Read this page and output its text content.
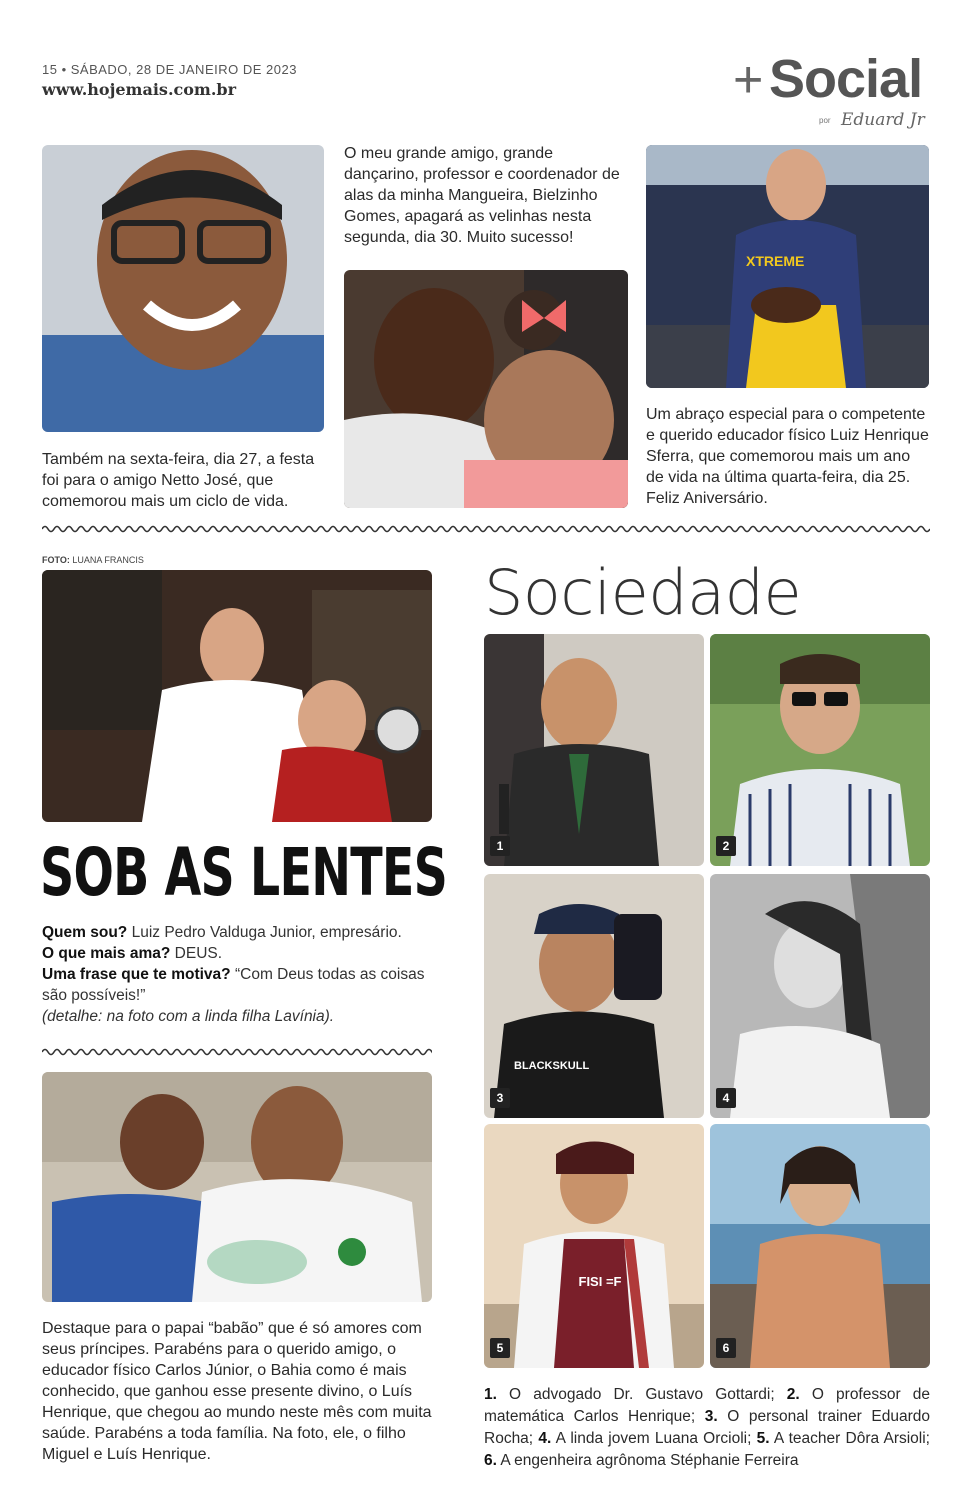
15 • SÁBADO, 28 DE JANEIRO DE 2023
www.hojemais.com.br	+ Social
por Eduard Jr
Também na sexta-feira, dia 27, a festa foi para o amigo Netto José, que comemorou mais um ciclo de vida.
O meu grande amigo, grande dançarino, professor e coordenador de alas da minha Mangueira, Bielzinho Gomes, apagará as velinhas nesta segunda, dia 30. Muito sucesso!
XTREME
Um abraço especial para o competente e querido educador físico Luiz Henrique Sferra, que comemorou mais um ano de vida na última quarta-feira, dia 25. Feliz Aniversário.
FOTO: LUANA FRANCIS
SOB AS LENTES
Quem sou? Luiz Pedro Valduga Junior, empresário.
O que mais ama? DEUS.
Uma frase que te motiva? “Com Deus todas as coisas são possíveis!”
(detalhe: na foto com a linda filha Lavínia).
Destaque para o papai “babão” que é só amores com seus príncipes. Parabéns para o querido amigo, o educador físico Carlos Júnior, o Bahia como é mais conhecido, que ganhou esse presente divino, o Luís Henrique, que chegou ao mundo neste mês com muita saúde. Parabéns a toda família. Na foto, ele, o filho Miguel e Luís Henrique.
Sociedade
1	2
BLACKSKULL
3	4
FISI =F
5	6
1. O advogado Dr. Gustavo Gottardi; 2. O professor de matemática Carlos Henrique; 3. O personal trainer Eduardo Rocha; 4. A linda jovem Luana Orcioli; 5. A teacher Dôra Arsioli; 6. A engenheira agrônoma Stéphanie Ferreira
